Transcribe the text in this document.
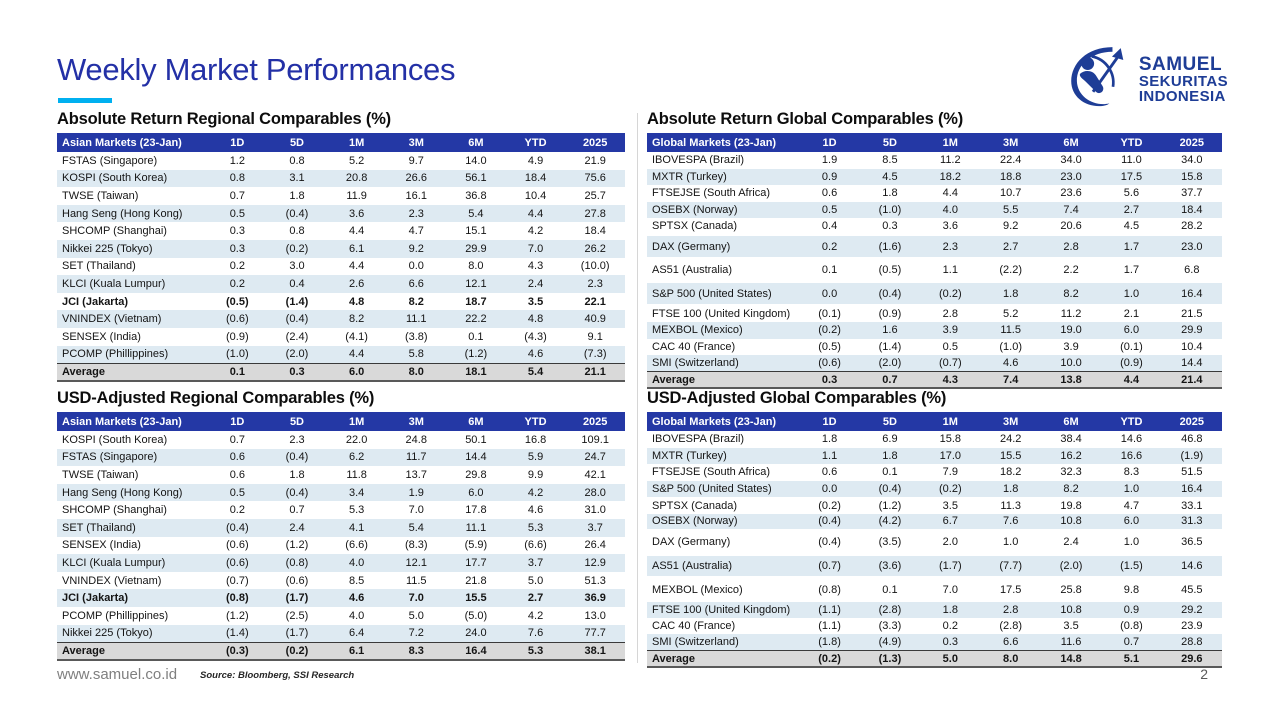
Weekly Market Performances	SAMUEL
SEKURITAS
INDONESIA
Absolute Return Regional Comparables (%)
Asian Markets (23-Jan)	1D	5D	1M	3M	6M	YTD	2025
FSTAS (Singapore)	1.2	0.8	5.2	9.7	14.0	4.9	21.9
KOSPI (South Korea)	0.8	3.1	20.8	26.6	56.1	18.4	75.6
TWSE (Taiwan)	0.7	1.8	11.9	16.1	36.8	10.4	25.7
Hang Seng (Hong Kong)	0.5	(0.4)	3.6	2.3	5.4	4.4	27.8
SHCOMP (Shanghai)	0.3	0.8	4.4	4.7	15.1	4.2	18.4
Nikkei 225 (Tokyo)	0.3	(0.2)	6.1	9.2	29.9	7.0	26.2
SET (Thailand)	0.2	3.0	4.4	0.0	8.0	4.3	(10.0)
KLCI (Kuala Lumpur)	0.2	0.4	2.6	6.6	12.1	2.4	2.3
JCI (Jakarta)	(0.5)	(1.4)	4.8	8.2	18.7	3.5	22.1
VNINDEX (Vietnam)	(0.6)	(0.4)	8.2	11.1	22.2	4.8	40.9
SENSEX (India)	(0.9)	(2.4)	(4.1)	(3.8)	0.1	(4.3)	9.1
PCOMP (Phillippines)	(1.0)	(2.0)	4.4	5.8	(1.2)	4.6	(7.3)
Average	0.1	0.3	6.0	8.0	18.1	5.4	21.1
Absolute Return Global Comparables (%)
Global Markets (23-Jan)	1D	5D	1M	3M	6M	YTD	2025
IBOVESPA (Brazil)	1.9	8.5	11.2	22.4	34.0	11.0	34.0
MXTR (Turkey)	0.9	4.5	18.2	18.8	23.0	17.5	15.8
FTSEJSE (South Africa)	0.6	1.8	4.4	10.7	23.6	5.6	37.7
OSEBX (Norway)	0.5	(1.0)	4.0	5.5	7.4	2.7	18.4
SPTSX (Canada)	0.4	0.3	3.6	9.2	20.6	4.5	28.2
DAX (Germany)	0.2	(1.6)	2.3	2.7	2.8	1.7	23.0
AS51 (Australia)	0.1	(0.5)	1.1	(2.2)	2.2	1.7	6.8
S&P 500 (United States)	0.0	(0.4)	(0.2)	1.8	8.2	1.0	16.4
FTSE 100 (United Kingdom)	(0.1)	(0.9)	2.8	5.2	11.2	2.1	21.5
MEXBOL (Mexico)	(0.2)	1.6	3.9	11.5	19.0	6.0	29.9
CAC 40 (France)	(0.5)	(1.4)	0.5	(1.0)	3.9	(0.1)	10.4
SMI (Switzerland)	(0.6)	(2.0)	(0.7)	4.6	10.0	(0.9)	14.4
Average	0.3	0.7	4.3	7.4	13.8	4.4	21.4
USD-Adjusted Regional Comparables (%)
Asian Markets (23-Jan)	1D	5D	1M	3M	6M	YTD	2025
KOSPI (South Korea)	0.7	2.3	22.0	24.8	50.1	16.8	109.1
FSTAS (Singapore)	0.6	(0.4)	6.2	11.7	14.4	5.9	24.7
TWSE (Taiwan)	0.6	1.8	11.8	13.7	29.8	9.9	42.1
Hang Seng (Hong Kong)	0.5	(0.4)	3.4	1.9	6.0	4.2	28.0
SHCOMP (Shanghai)	0.2	0.7	5.3	7.0	17.8	4.6	31.0
SET (Thailand)	(0.4)	2.4	4.1	5.4	11.1	5.3	3.7
SENSEX (India)	(0.6)	(1.2)	(6.6)	(8.3)	(5.9)	(6.6)	26.4
KLCI (Kuala Lumpur)	(0.6)	(0.8)	4.0	12.1	17.7	3.7	12.9
VNINDEX (Vietnam)	(0.7)	(0.6)	8.5	11.5	21.8	5.0	51.3
JCI (Jakarta)	(0.8)	(1.7)	4.6	7.0	15.5	2.7	36.9
PCOMP (Phillippines)	(1.2)	(2.5)	4.0	5.0	(5.0)	4.2	13.0
Nikkei 225 (Tokyo)	(1.4)	(1.7)	6.4	7.2	24.0	7.6	77.7
Average	(0.3)	(0.2)	6.1	8.3	16.4	5.3	38.1
USD-Adjusted Global Comparables (%)
Global Markets (23-Jan)	1D	5D	1M	3M	6M	YTD	2025
IBOVESPA (Brazil)	1.8	6.9	15.8	24.2	38.4	14.6	46.8
MXTR (Turkey)	1.1	1.8	17.0	15.5	16.2	16.6	(1.9)
FTSEJSE (South Africa)	0.6	0.1	7.9	18.2	32.3	8.3	51.5
S&P 500 (United States)	0.0	(0.4)	(0.2)	1.8	8.2	1.0	16.4
SPTSX (Canada)	(0.2)	(1.2)	3.5	11.3	19.8	4.7	33.1
OSEBX (Norway)	(0.4)	(4.2)	6.7	7.6	10.8	6.0	31.3
DAX (Germany)	(0.4)	(3.5)	2.0	1.0	2.4	1.0	36.5
AS51 (Australia)	(0.7)	(3.6)	(1.7)	(7.7)	(2.0)	(1.5)	14.6
MEXBOL (Mexico)	(0.8)	0.1	7.0	17.5	25.8	9.8	45.5
FTSE 100 (United Kingdom)	(1.1)	(2.8)	1.8	2.8	10.8	0.9	29.2
CAC 40 (France)	(1.1)	(3.3)	0.2	(2.8)	3.5	(0.8)	23.9
SMI (Switzerland)	(1.8)	(4.9)	0.3	6.6	11.6	0.7	28.8
Average	(0.2)	(1.3)	5.0	8.0	14.8	5.1	29.6
www.samuel.co.id Source: Bloomberg, SSI Research	2
